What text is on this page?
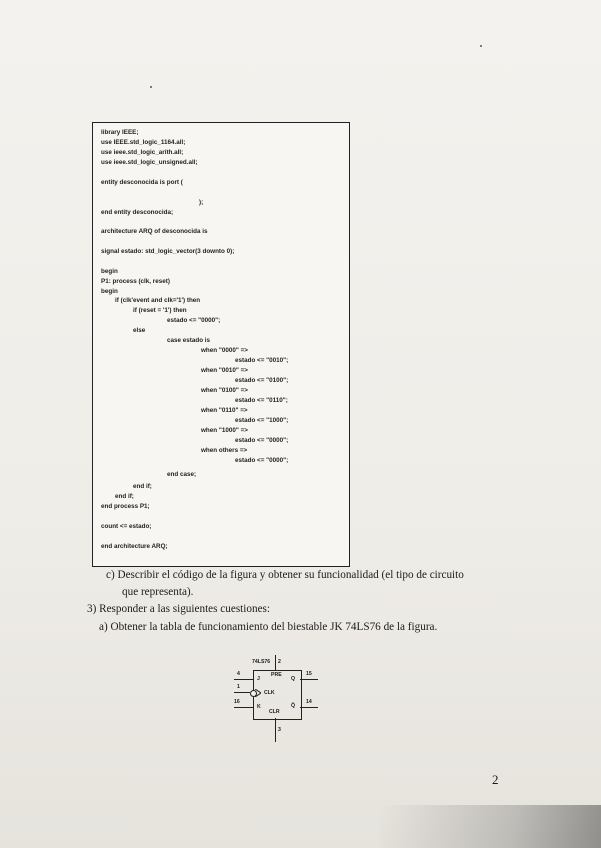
library IEEE;
use IEEE.std_logic_1164.all;
use ieee.std_logic_arith.all;
use ieee.std_logic_unsigned.all;
entity desconocida is port (
);
end entity desconocida;
architecture ARQ of desconocida is
signal estado: std_logic_vector(3 downto 0);
begin
P1: process (clk, reset)
begin
if (clk'event and clk='1') then
if (reset = '1') then
estado <= "0000";
else
case estado is
when "0000" =>
estado <= "0010";
when "0010" =>
estado <= "0100";
when "0100" =>
estado <= "0110";
when "0110" =>
estado <= "1000";
when "1000" =>
estado <= "0000";
when others =>
estado <= "0000";
end case;
end if;
end if;
end process P1;
count <= estado;
end architecture ARQ;
c) Describir el código de la figura y obtener su funcionalidad (el tipo de circuito
que representa).
3) Responder a las siguientes cuestiones:
a) Obtener la tabla de funcionamiento del biestable JK 74LS76 de la figura.
74LS76 2
3
4
1
16
15
14
PRE
J
CLK
K
CLR
Q
Q̄
2
